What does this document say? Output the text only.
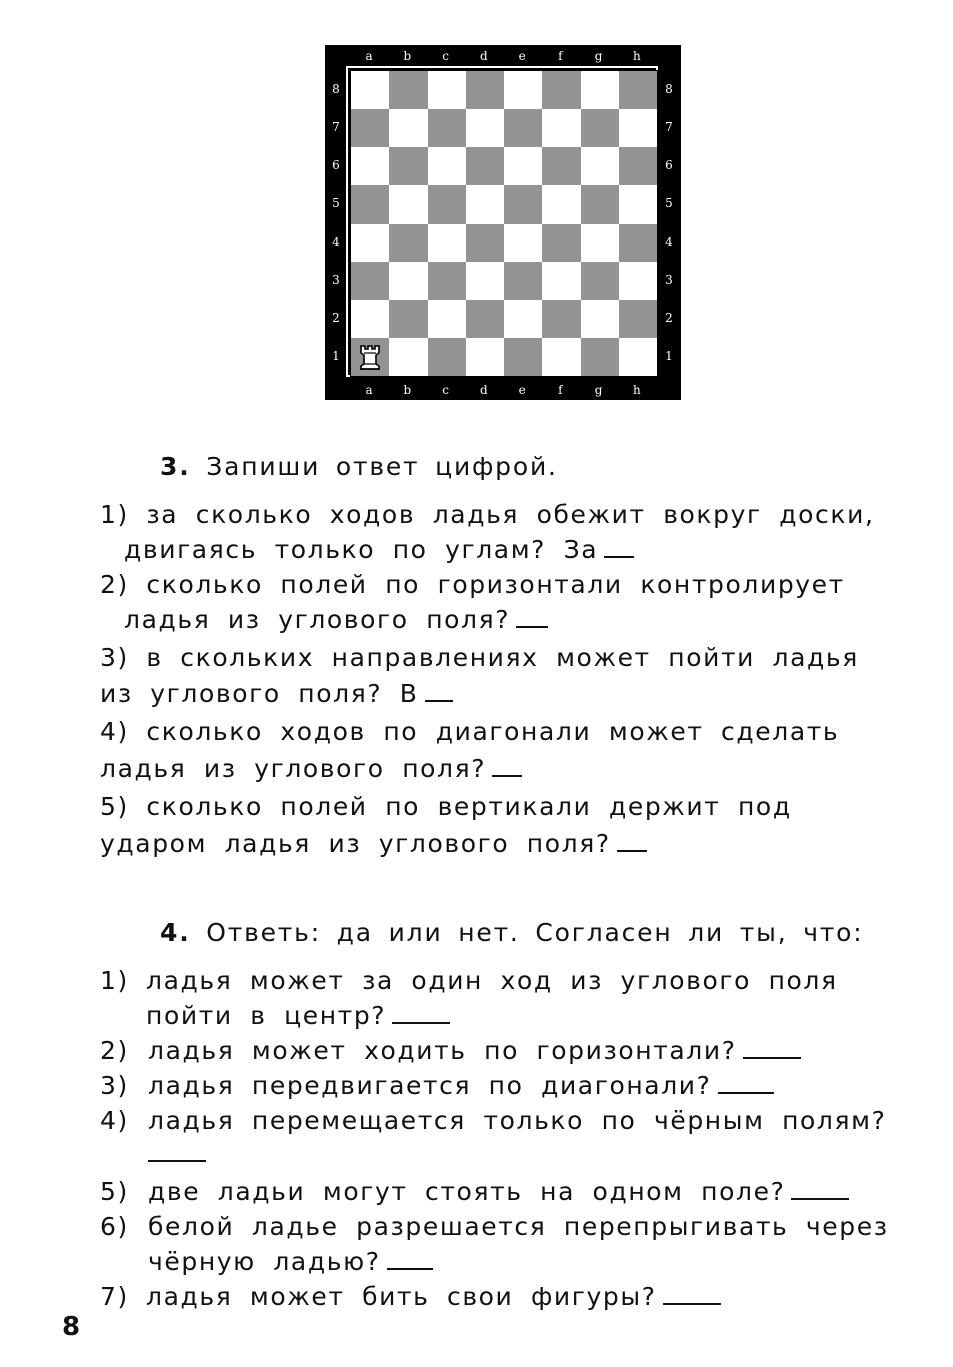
a
a
b
b
c
c
d
d
e
e
f
f
g
g
h
h
8	8
7	7
6	6
5	5
4	4
3	3
2	2
1	1
3. Запиши ответ цифрой.
1) за сколько ходов ладья обежит вокруг доски,
двигаясь только по углам? За
2) сколько полей по горизонтали контролирует
ладья из углового поля?
3) в скольких направлениях может пойти ладья
из углового поля? В
4) сколько ходов по диагонали может сделать
ладья из углового поля?
5) сколько полей по вертикали держит под
ударом ладья из углового поля?
4. Ответь: да или нет. Согласен ли ты, что:
1) ладья может за один ход из углового поля
пойти в центр?
2) ладья может ходить по горизонтали?
3) ладья передвигается по диагонали?
4) ладья перемещается только по чёрным полям?
5) две ладьи могут стоять на одном поле?
6) белой ладье разрешается перепрыгивать через
чёрную ладью?
7) ладья может бить свои фигуры?
8
